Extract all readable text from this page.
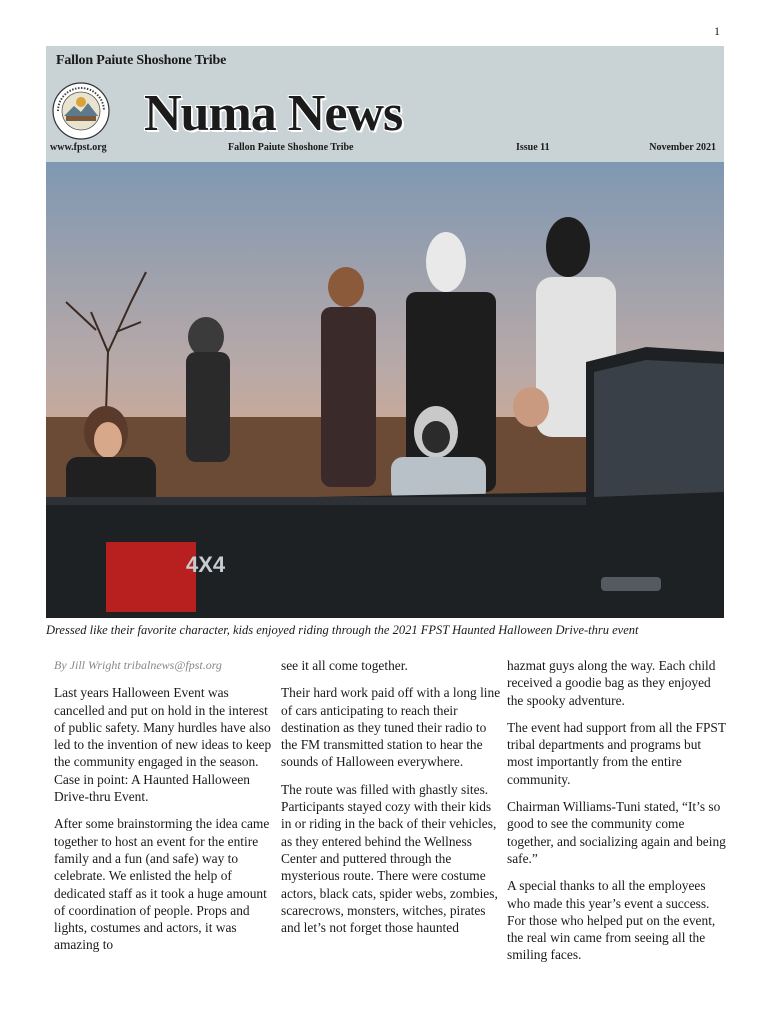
1
Fallon Paiute Shoshone Tribe
Numa News
www.fpst.org	Fallon Paiute Shoshone Tribe	Issue 11	November 2021
4X4
Dressed like their favorite character, kids enjoyed riding through the 2021 FPST Haunted Halloween Drive-thru event

By Jill Wright tribalnews@fpst.org

Last years Halloween Event was cancelled and put on hold in the interest of public safety. Many hurdles have also led to the invention of new ideas to keep the community engaged in the season. Case in point: A Haunted Halloween Drive-thru Event.

After some brainstorming the idea came together to host an event for the entire family and a fun (and safe) way to celebrate. We enlisted the help of dedicated staff as it took a huge amount of coordination of people. Props and lights, costumes and actors, it was amazing to

see it all come together.

Their hard work paid off with a long line of cars anticipating to reach their destination as they tuned their radio to the FM transmitted station to hear the sounds of Halloween everywhere.

The route was filled with ghastly sites. Participants stayed cozy with their kids in or riding in the back of their vehicles, as they entered behind the Wellness Center and puttered through the mysterious route. There were costume actors, black cats, spider webs, zombies, scarecrows, monsters, witches, pirates and let’s not forget those haunted

hazmat guys along the way. Each child received a goodie bag as they enjoyed the spooky adventure.

The event had support from all the FPST tribal departments and programs but most importantly from the entire community.

Chairman Williams-Tuni stated, “It’s so good to see the community come together, and socializing again and being safe.”

A special thanks to all the employees who made this year’s event a success. For those who helped put on the event, the real win came from seeing all the smiling faces.
